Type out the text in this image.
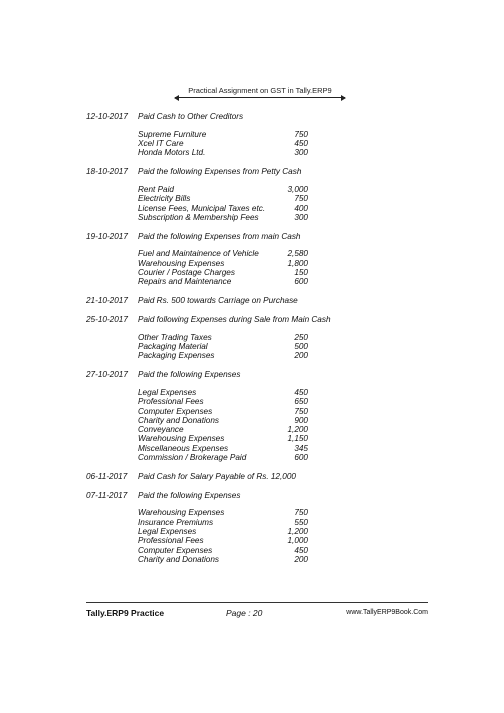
Practical Assignment on GST in Tally.ERP9
12-10-2017	Paid Cash to Other Creditors
Supreme Furniture	750
Xcel IT Care	450
Honda Motors Ltd.	300
18-10-2017	Paid the following Expenses from Petty Cash
Rent Paid	3,000
Electricity Bills	750
License Fees, Municipal Taxes etc.	400
Subscription & Membership Fees	300
19-10-2017	Paid the following Expenses from main Cash
Fuel and Maintainence of Vehicle	2,580
Warehousing Expenses	1,800
Courier / Postage Charges	150
Repairs and Maintenance	600
21-10-2017	Paid Rs. 500 towards Carriage on Purchase
25-10-2017	Paid following Expenses during Sale from Main Cash
Other Trading Taxes	250
Packaging Material	500
Packaging Expenses	200
27-10-2017	Paid the following Expenses
Legal Expenses	450
Professional Fees	650
Computer Expenses	750
Charity and Donations	900
Conveyance	1,200
Warehousing Expenses	1,150
Miscellaneous Expenses	345
Commission / Brokerage Paid	600
06-11-2017	Paid Cash for Salary Payable of Rs. 12,000
07-11-2017	Paid the following Expenses
Warehousing Expenses	750
Insurance Premiums	550
Legal Expenses	1,200
Professional Fees	1,000
Computer Expenses	450
Charity and Donations	200
Tally.ERP9 Practice	Page : 20	www.TallyERP9Book.Com
